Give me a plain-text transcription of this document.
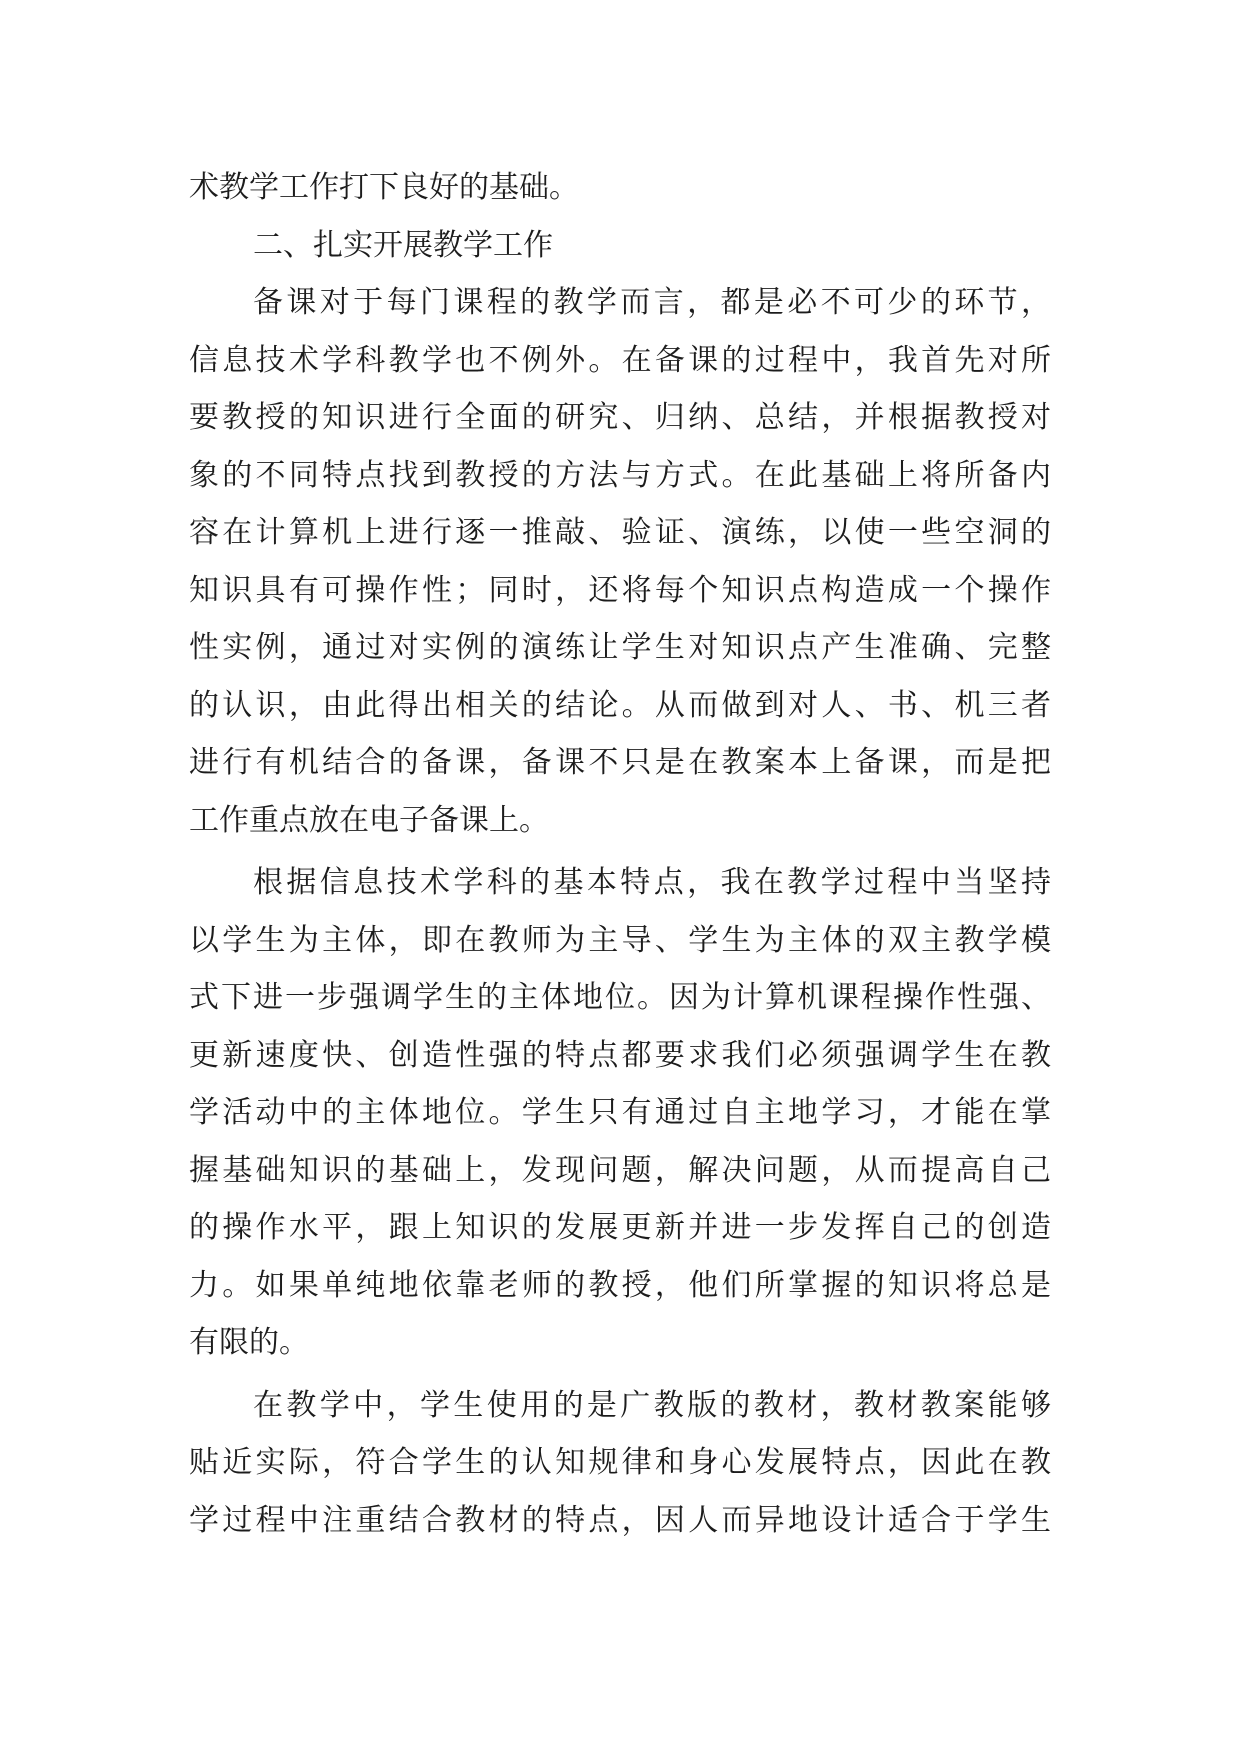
术教学工作打下良好的基础。
二、扎实开展教学工作
备课对于每门课程的教学而言，都是必不可少的环节，
信息技术学科教学也不例外。在备课的过程中，我首先对所
要教授的知识进行全面的研究、归纳、总结，并根据教授对
象的不同特点找到教授的方法与方式。在此基础上将所备内
容在计算机上进行逐一推敲、验证、演练，以使一些空洞的
知识具有可操作性；同时，还将每个知识点构造成一个操作
性实例，通过对实例的演练让学生对知识点产生准确、完整
的认识，由此得出相关的结论。从而做到对人、书、机三者
进行有机结合的备课，备课不只是在教案本上备课，而是把
工作重点放在电子备课上。
根据信息技术学科的基本特点，我在教学过程中当坚持
以学生为主体，即在教师为主导、学生为主体的双主教学模
式下进一步强调学生的主体地位。因为计算机课程操作性强、
更新速度快、创造性强的特点都要求我们必须强调学生在教
学活动中的主体地位。学生只有通过自主地学习，才能在掌
握基础知识的基础上，发现问题，解决问题，从而提高自己
的操作水平，跟上知识的发展更新并进一步发挥自己的创造
力。如果单纯地依靠老师的教授，他们所掌握的知识将总是
有限的。
在教学中，学生使用的是广教版的教材，教材教案能够
贴近实际，符合学生的认知规律和身心发展特点，因此在教
学过程中注重结合教材的特点，因人而异地设计适合于学生
